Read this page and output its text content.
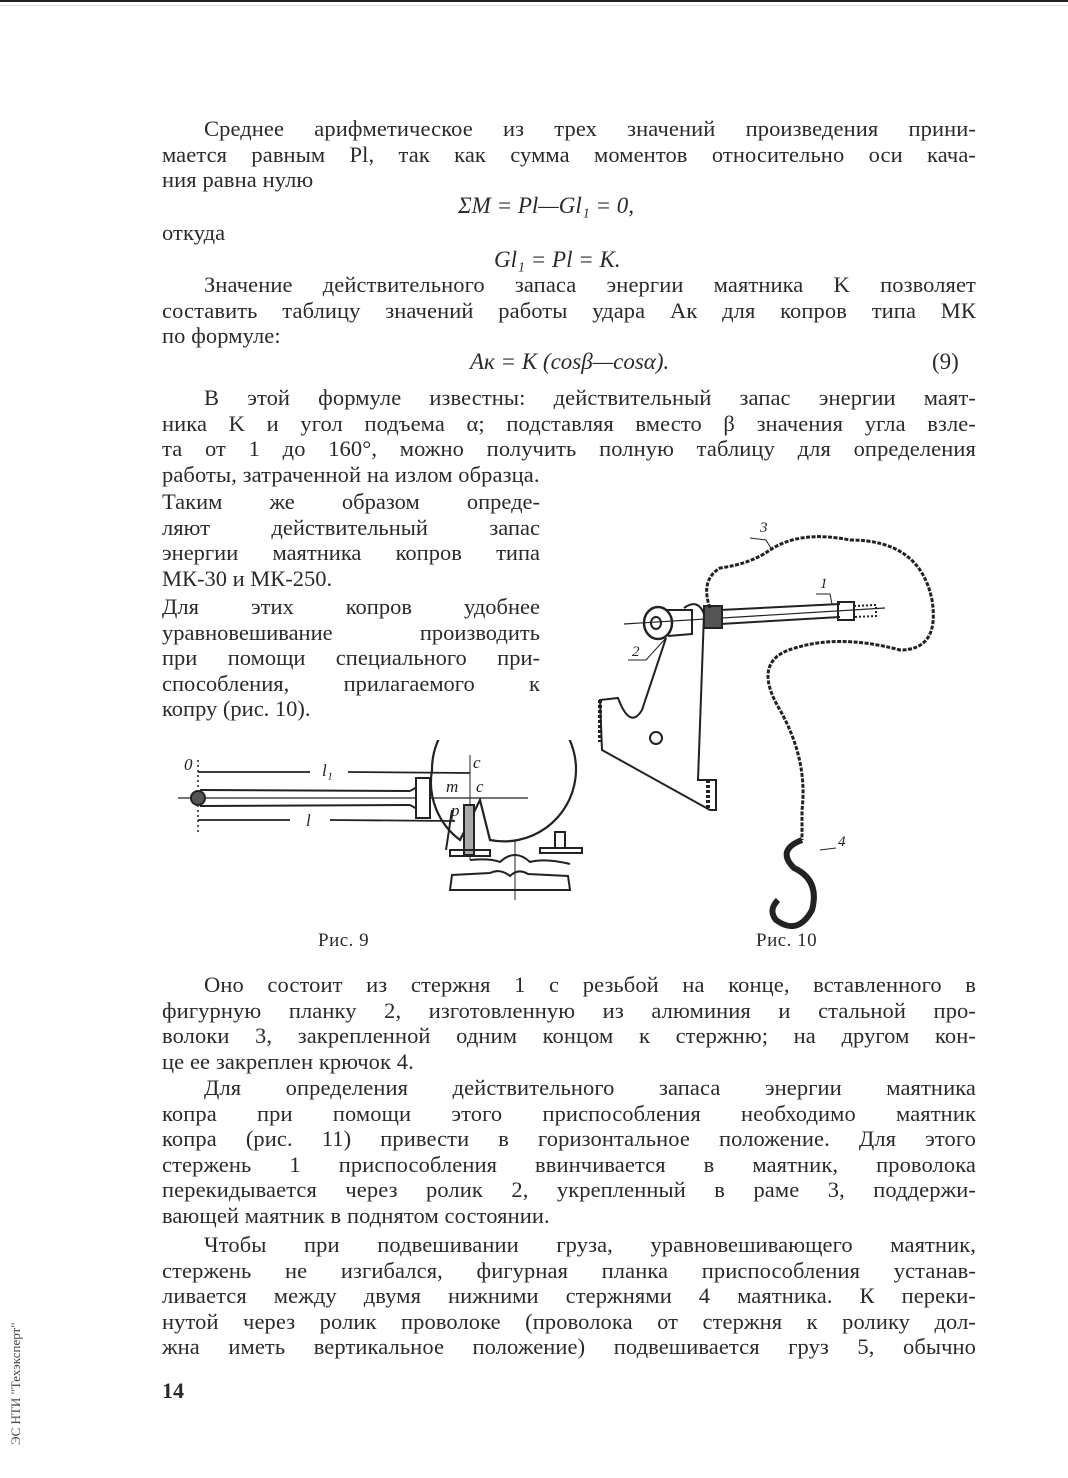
Среднее арифметическое из трех значений произведения прини-
мается равным Pl, так как сумма моментов относительно оси кача-
ния равна нулю
ΣM = Pl—Gl₁ = 0,
откуда
Gl₁ = Pl = K.
Значение действительного запаса энергии маятника K позволяет
составить таблицу значений работы удара Aк для копров типа МК
по формуле:
Aк = K (cosβ—cosα).	(9)
В этой формуле известны: действительный запас энергии маят-
ника K и угол подъема α; подставляя вместо β значения угла взле-
та от 1 до 160°, можно получить полную таблицу для определения
работы, затраченной на излом образца.
Таким же образом опреде-
ляют действительный запас
энергии маятника копров типа
МК-30 и МК-250.
Для этих копров удобнее
уравновешивание производить
при помощи специального при-
способления, прилагаемого к
копру (рис. 10).
0	l₁
l
c
m c
p
Рис. 9
3
1
2
4
Рис. 10
Оно состоит из стержня 1 с резьбой на конце, вставленного в
фигурную планку 2, изготовленную из алюминия и стальной про-
волоки 3, закрепленной одним концом к стержню; на другом кон-
це ее закреплен крючок 4.
Для определения действительного запаса энергии маятника
копра при помощи этого приспособления необходимо маятник
копра (рис. 11) привести в горизонтальное положение. Для этого
стержень 1 приспособления ввинчивается в маятник, проволока
перекидывается через ролик 2, укрепленный в раме 3, поддержи-
вающей маятник в поднятом состоянии.
Чтобы при подвешивании груза, уравновешивающего маятник,
стержень не изгибался, фигурная планка приспособления устанав-
ливается между двумя нижними стержнями 4 маятника. К переки-
нутой через ролик проволоке (проволока от стержня к ролику дол-
жна иметь вертикальное положение) подвешивается груз 5, обычно
14
ЭС НТИ "Техэксперт"
